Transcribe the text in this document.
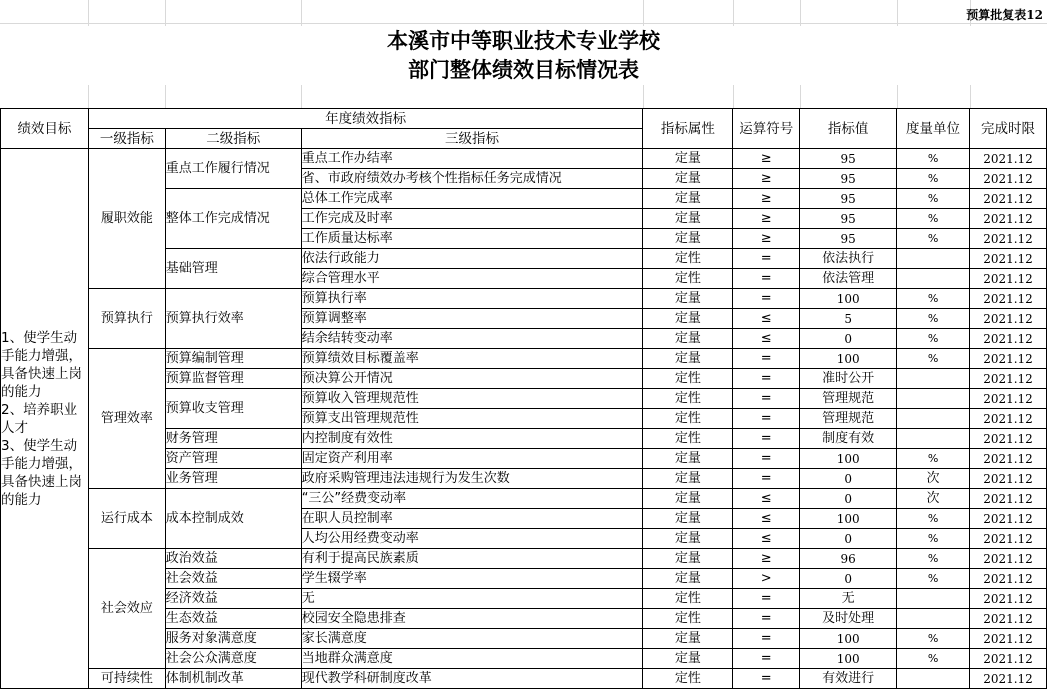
预算批复表12
本溪市中等职业技术专业学校
部门整体绩效目标情况表
绩效目标	年度绩效指标			指标属性	运算符号	指标值	度量单位	完成时限
	一级指标	二级指标	三级指标					
1、使学生动手能力增强，具备快速上岗的能力
2、培养职业人才
3、使学生动手能力增强，具备快速上岗的能力	履职效能	重点工作履行情况	重点工作办结率	定量	≥	95	%	2021.12
			省、市政府绩效办考核个性指标任务完成情况	定量	≥	95	%	2021.12
		整体工作完成情况	总体工作完成率	定量	≥	95	%	2021.12
			工作完成及时率	定量	≥	95	%	2021.12
			工作质量达标率	定量	≥	95	%	2021.12
		基础管理	依法行政能力	定性	=	依法执行		2021.12
			综合管理水平	定性	=	依法管理		2021.12
	预算执行	预算执行效率	预算执行率	定量	=	100	%	2021.12
			预算调整率	定量	≤	5	%	2021.12
			结余结转变动率	定量	≤	0	%	2021.12
	管理效率	预算编制管理	预算绩效目标覆盖率	定量	=	100	%	2021.12
		预算监督管理	预决算公开情况	定性	=	准时公开		2021.12
		预算收支管理	预算收入管理规范性	定性	=	管理规范		2021.12
			预算支出管理规范性	定性	=	管理规范		2021.12
		财务管理	内控制度有效性	定性	=	制度有效		2021.12
		资产管理	固定资产利用率	定量	=	100	%	2021.12
		业务管理	政府采购管理违法违规行为发生次数	定量	=	0	次	2021.12
	运行成本	成本控制成效	“三公”经费变动率	定量	≤	0	次	2021.12
			在职人员控制率	定量	≤	100	%	2021.12
			人均公用经费变动率	定量	≤	0	%	2021.12
	社会效应	政治效益	有利于提高民族素质	定量	≥	96	%	2021.12
		社会效益	学生辍学率	定量	>	0	%	2021.12
		经济效益	无	定性	=	无		2021.12
		生态效益	校园安全隐患排查	定性	=	及时处理		2021.12
		服务对象满意度	家长满意度	定量	=	100	%	2021.12
		社会公众满意度	当地群众满意度	定量	=	100	%	2021.12
	可持续性	体制机制改革	现代教学科研制度改革	定性	=	有效进行		2021.12
